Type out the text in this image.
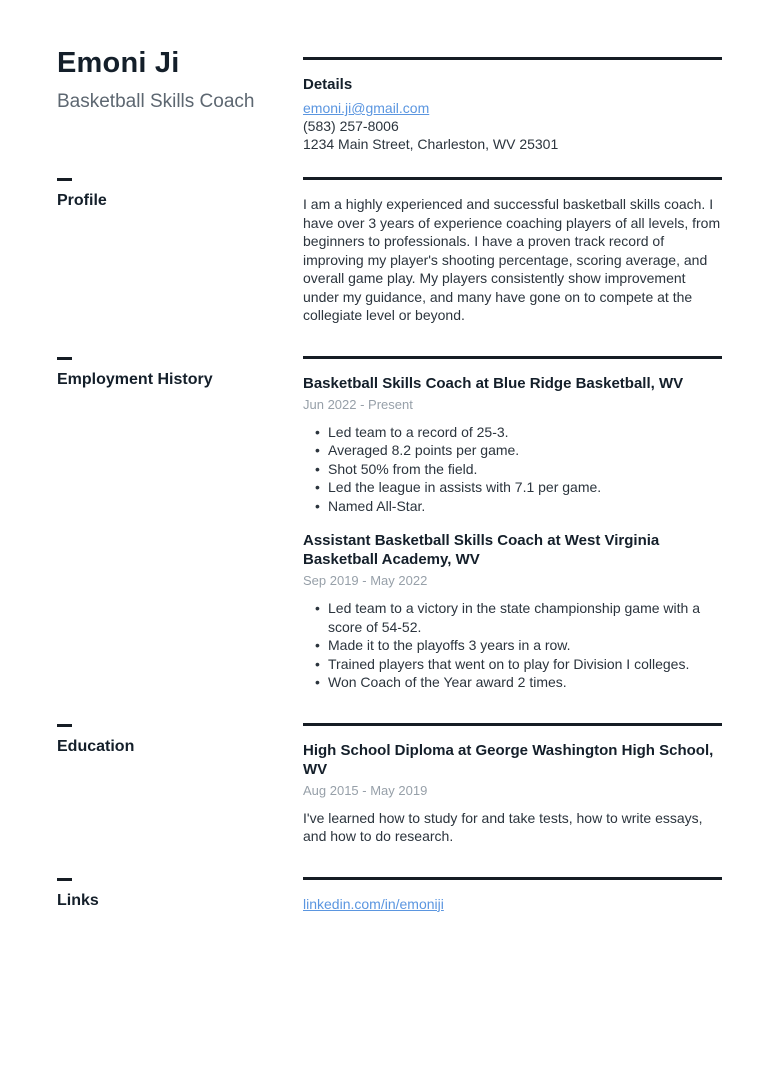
Emoni Ji
Basketball Skills Coach
Details
emoni.ji@gmail.com
(583) 257-8006
1234 Main Street, Charleston, WV 25301
Profile	I am a highly experienced and successful basketball skills coach. I have over 3 years of experience coaching players of all levels, from beginners to professionals. I have a proven track record of improving my player's shooting percentage, scoring average, and overall game play. My players consistently show improvement under my guidance, and many have gone on to compete at the collegiate level or beyond.
Employment History	Basketball Skills Coach at Blue Ridge Basketball, WV
Jun 2022 - Present
• Led team to a record of 25-3.
• Averaged 8.2 points per game.
• Shot 50% from the field.
• Led the league in assists with 7.1 per game.
• Named All-Star.
Assistant Basketball Skills Coach at West Virginia Basketball Academy, WV
Sep 2019 - May 2022
• Led team to a victory in the state championship game with a score of 54-52.
• Made it to the playoffs 3 years in a row.
• Trained players that went on to play for Division I colleges.
• Won Coach of the Year award 2 times.
Education	High School Diploma at George Washington High School, WV
Aug 2015 - May 2019
I've learned how to study for and take tests, how to write essays, and how to do research.
Links	linkedin.com/in/emoniji
